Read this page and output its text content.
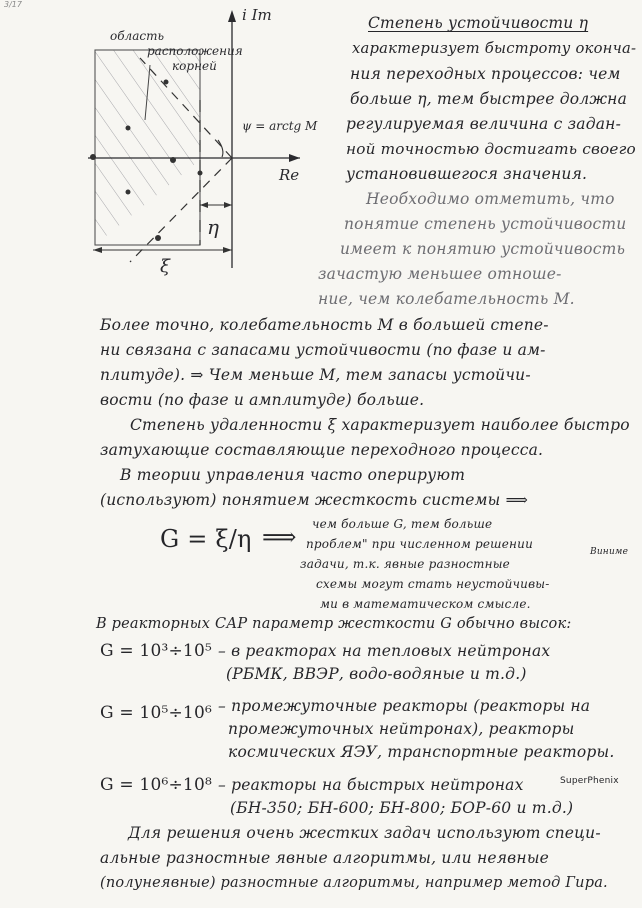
3/17
η
ξ
i Im
Re
ψ = arctg M
область
расположения
корней
Степень устойчивости η
характеризует быстроту оконча-
ния переходных процессов: чем
больше η, тем быстрее должна
регулируемая величина с задан-
ной точностью достигать своего
установившегося значения.
Необходимо отметить, что
понятие степень устойчивости
имеет к понятию устойчивость
зачастую меньшее отноше-
ние, чем колебательность M.
Более точно, колебательность M в большей степе-
ни связана с запасами устойчивости (по фазе и ам-
плитуде). ⇒ Чем меньше M, тем запасы устойчи-
вости (по фазе и амплитуде) больше.
Степень удаленности ξ характеризует наиболее быстро
затухающие составляющие переходного процесса.
В теории управления часто оперируют
(используют) понятием жесткость системы ⟹
G = ξ/η ⟹
Виниме
чем больше G, тем больше
проблем" при численном решении
задачи, т.к. явные разностные
схемы могут стать неустойчивы-
ми в математическом смысле.
В реакторных САР параметр жесткости G обычно высок:
G = 10³÷10⁵ – в реакторах на тепловых нейтронах
(РБМК, ВВЭР, водо-водяные и т.д.)
G = 10⁵÷10⁶ – промежуточные реакторы (реакторы на
промежуточных нейтронах), реакторы
космических ЯЭУ, транспортные реакторы.
SuperPhenix
G = 10⁶÷10⁸ – реакторы на быстрых нейтронах
(БН-350; БН-600; БН-800; БОР-60 и т.д.)
Для решения очень жестких задач используют специ-
альные разностные явные алгоритмы, или неявные
(полунеявные) разностные алгоритмы, например метод Гира.
